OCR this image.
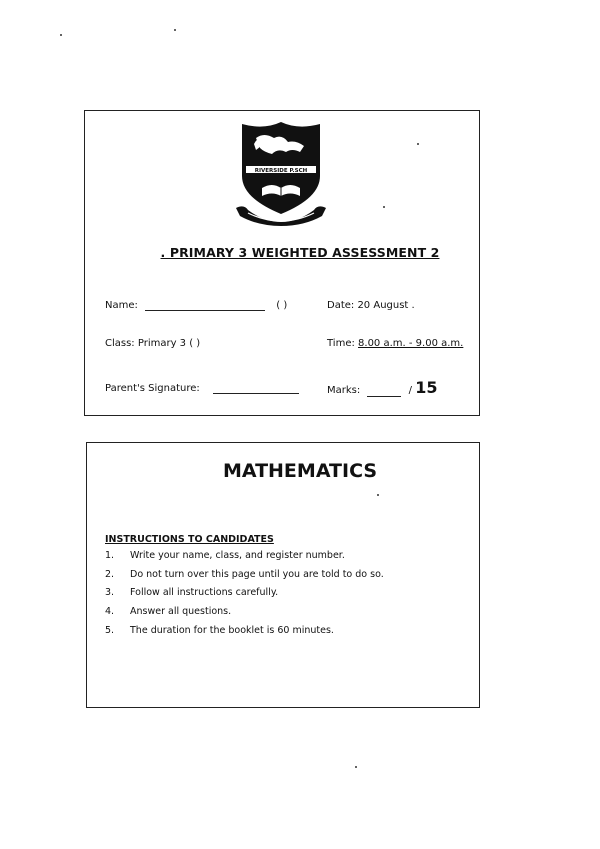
RIVERSIDE P.SCH
. PRIMARY 3 WEIGHTED ASSESSMENT 2
Name:	( )	Date: 20 August .
Class: Primary 3 ( )	Time: 8.00 a.m. - 9.00 a.m.
Parent's Signature:	Marks:	/ 15
MATHEMATICS
INSTRUCTIONS TO CANDIDATES
1.	Write your name, class, and register number.
2.	Do not turn over this page until you are told to do so.
3.	Follow all instructions carefully.
4.	Answer all questions.
5.	The duration for the booklet is 60 minutes.
